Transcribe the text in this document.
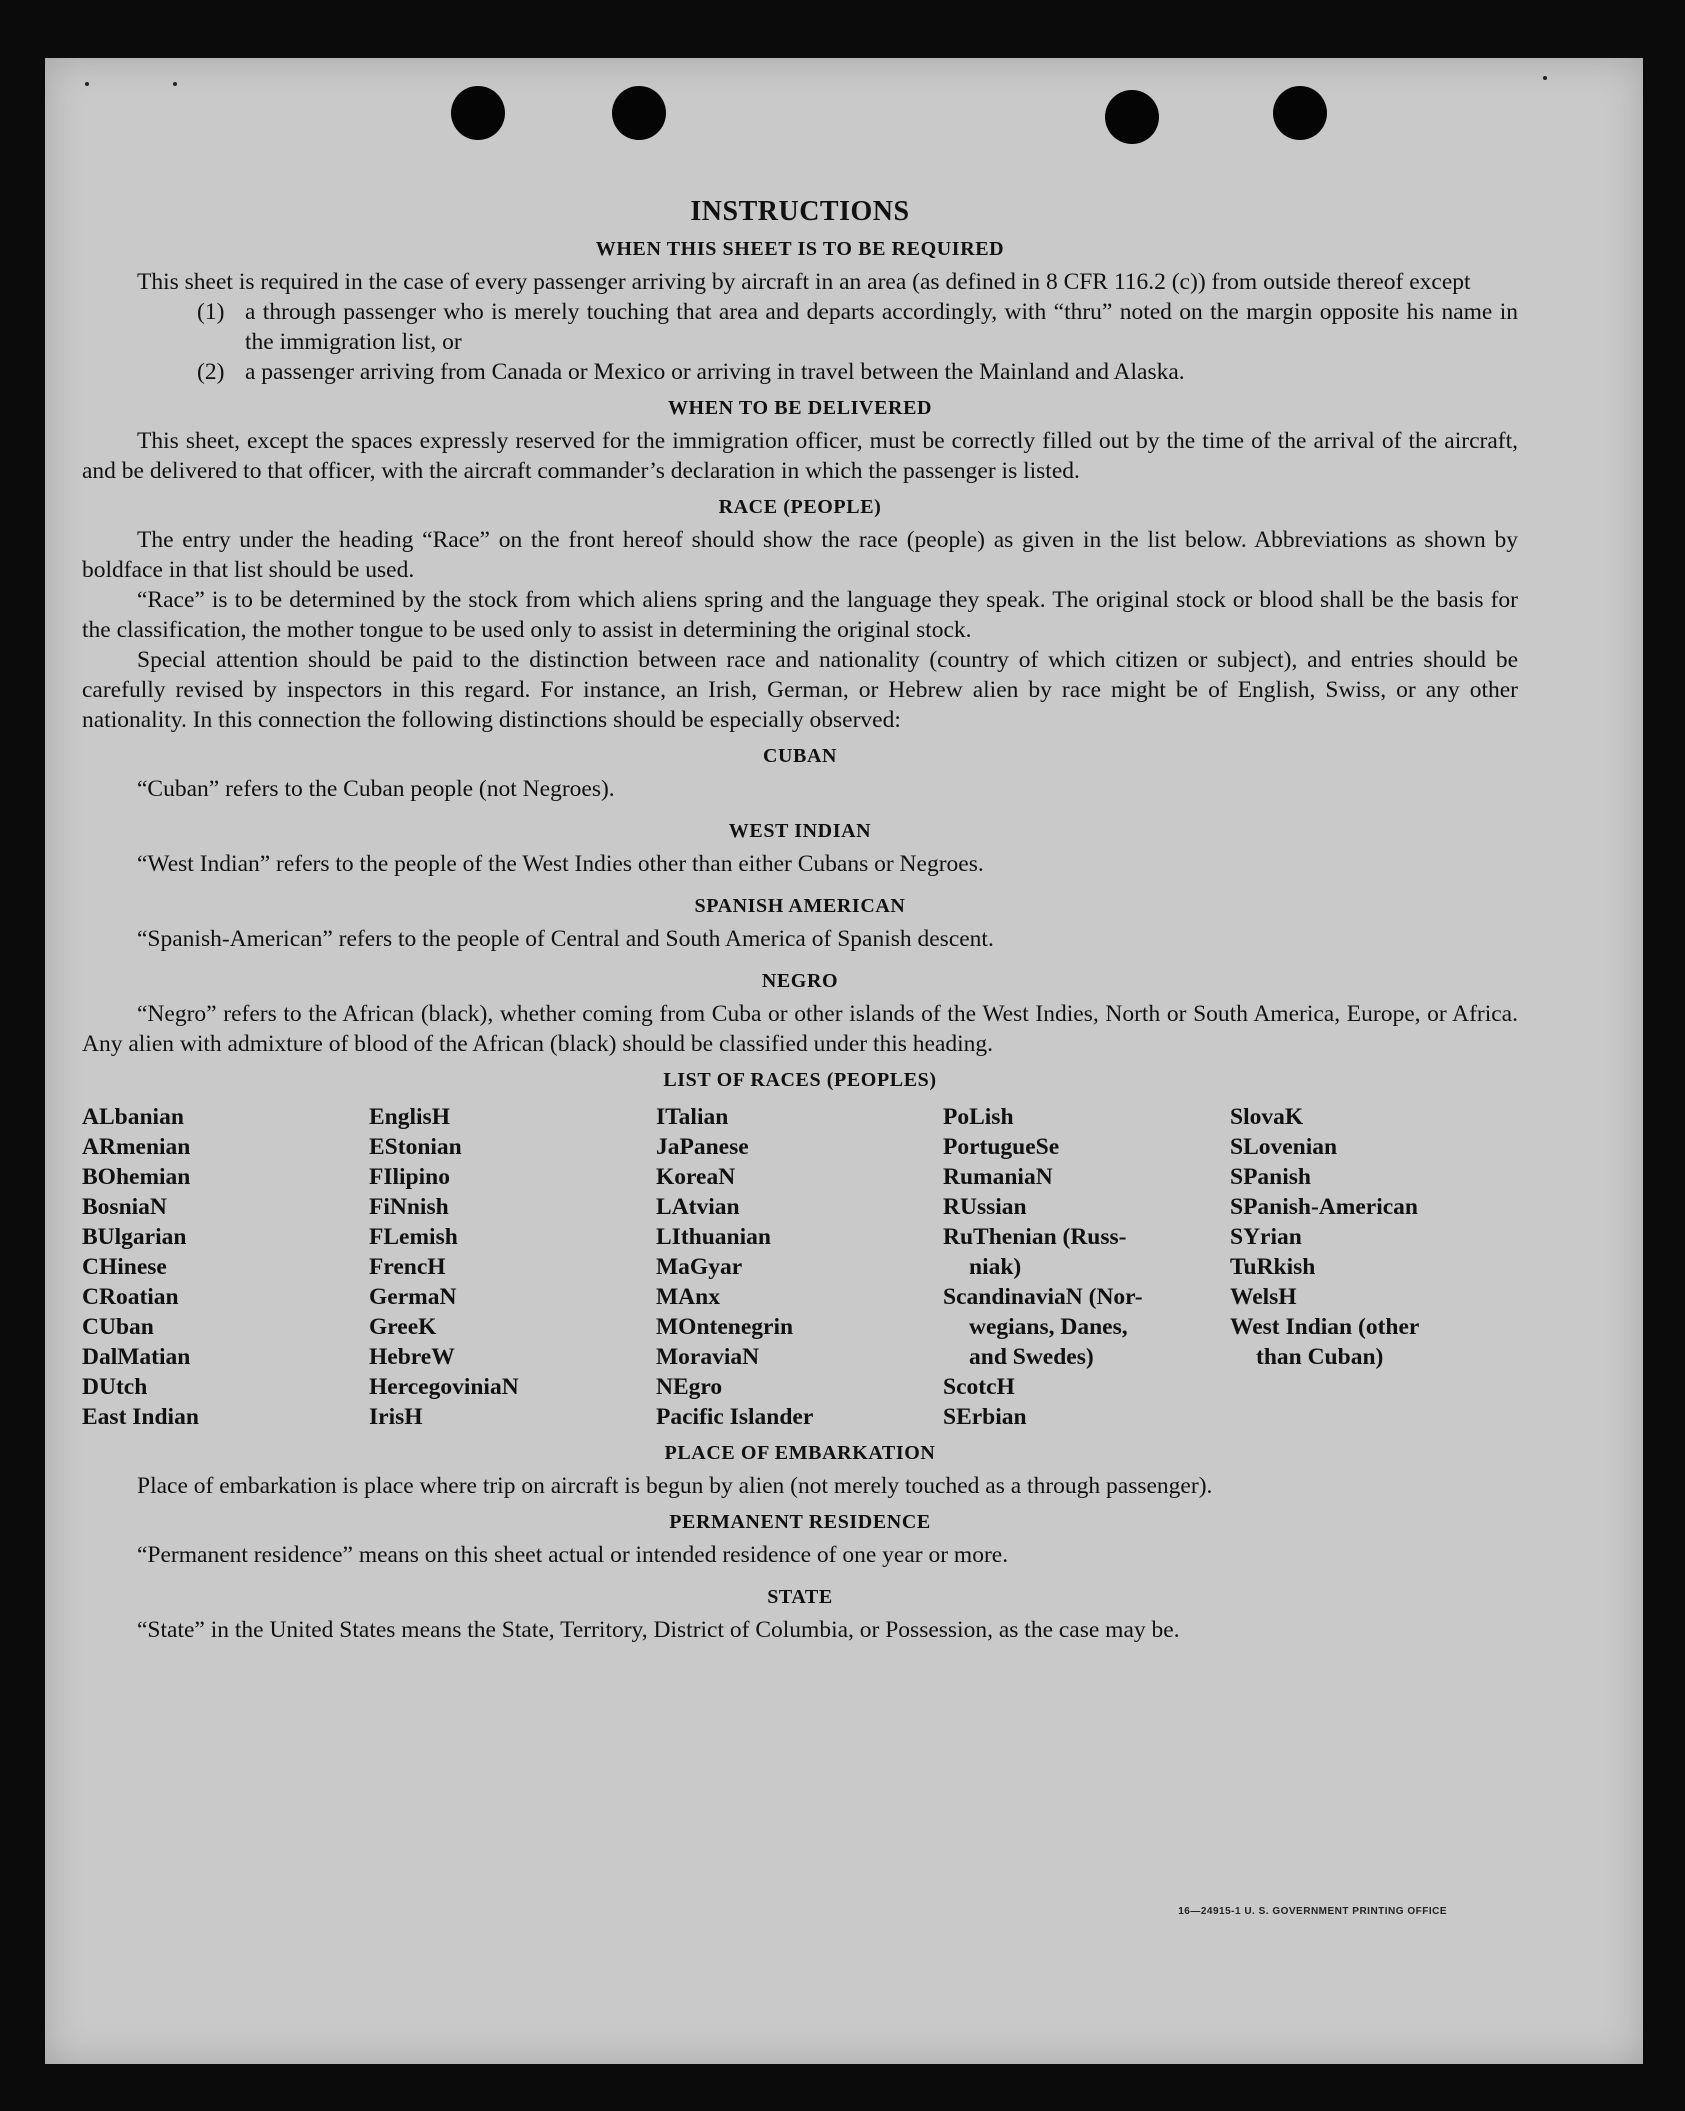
INSTRUCTIONS
WHEN THIS SHEET IS TO BE REQUIRED

This sheet is required in the case of every passenger arriving by aircraft in an area (as defined in 8 CFR 116.2 (c)) from outside thereof except

(1) a through passenger who is merely touching that area and departs accordingly, with “thru” noted on the margin opposite his name in the immigration list, or
(2) a passenger arriving from Canada or Mexico or arriving in travel between the Mainland and Alaska.
WHEN TO BE DELIVERED

This sheet, except the spaces expressly reserved for the immigration officer, must be correctly filled out by the time of the arrival of the aircraft, and be delivered to that officer, with the aircraft commander’s declaration in which the passenger is listed.

RACE (PEOPLE)

The entry under the heading “Race” on the front hereof should show the race (people) as given in the list below. Abbreviations as shown by boldface in that list should be used.

“Race” is to be determined by the stock from which aliens spring and the language they speak. The original stock or blood shall be the basis for the classification, the mother tongue to be used only to assist in determining the original stock.

Special attention should be paid to the distinction between race and nationality (country of which citizen or subject), and entries should be carefully revised by inspectors in this regard. For instance, an Irish, German, or Hebrew alien by race might be of English, Swiss, or any other nationality. In this connection the following distinctions should be especially observed:

CUBAN

“Cuban” refers to the Cuban people (not Negroes).

WEST INDIAN

“West Indian” refers to the people of the West Indies other than either Cubans or Negroes.

SPANISH AMERICAN

“Spanish-American” refers to the people of Central and South America of Spanish descent.

NEGRO

“Negro” refers to the African (black), whether coming from Cuba or other islands of the West Indies, North or South America, Europe, or Africa. Any alien with admixture of blood of the African (black) should be classified under this heading.

LIST OF RACES (PEOPLES)
ALbanian
ARmenian
BOhemian
BosniaN
BUlgarian
CHinese
CRoatian
CUban
DalMatian
DUtch
East Indian
EnglisH
EStonian
FIlipino
FiNnish
FLemish
FrencH
GermaN
GreeK
HebreW
HercegoviniaN
IrisH
ITalian
JaPanese
KoreaN
LAtvian
LIthuanian
MaGyar
MAnx
MOntenegrin
MoraviaN
NEgro
Pacific Islander
PoLish
PortugueSe
RumaniaN
RUssian
RuThenian (Russ-
niak)
ScandinaviaN (Nor-
wegians, Danes,
and Swedes)
ScotcH
SErbian
SlovaK
SLovenian
SPanish
SPanish-American
SYrian
TuRkish
WelsH
West Indian (other
than Cuban)
PLACE OF EMBARKATION

Place of embarkation is place where trip on aircraft is begun by alien (not merely touched as a through passenger).

PERMANENT RESIDENCE

“Permanent residence” means on this sheet actual or intended residence of one year or more.

STATE

“State” in the United States means the State, Territory, District of Columbia, or Possession, as the case may be.

16—24915-1 U. S. GOVERNMENT PRINTING OFFICE
